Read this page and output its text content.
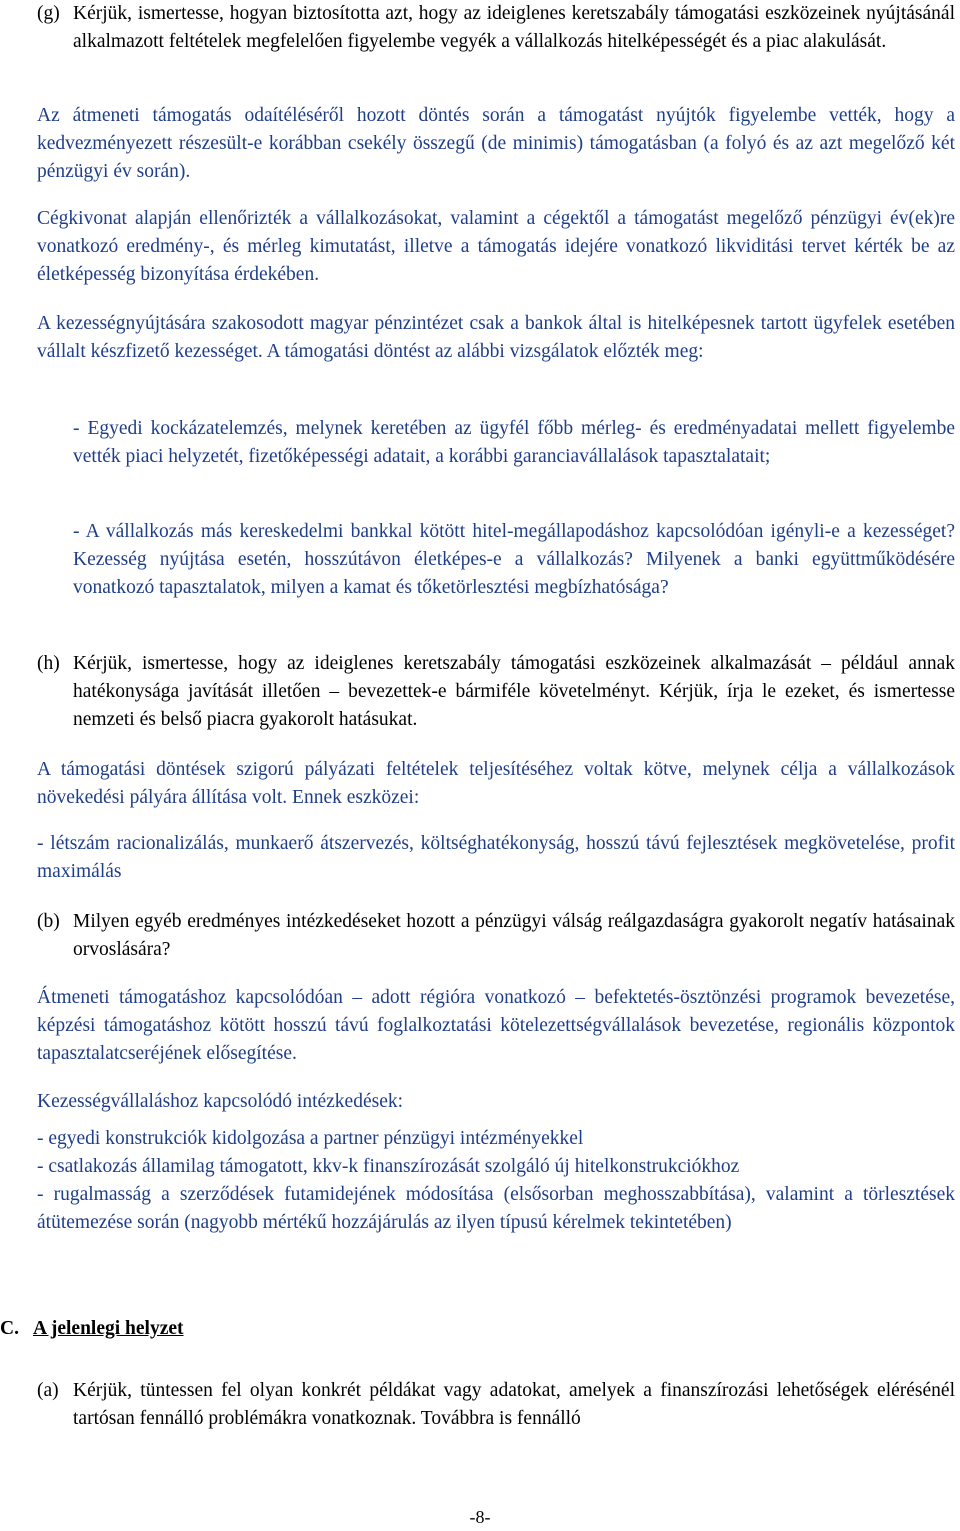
(g) Kérjük, ismertesse, hogyan biztosította azt, hogy az ideiglenes keretszabály támogatási eszközeinek nyújtásánál alkalmazott feltételek megfelelően figyelembe vegyék a vállalkozás hitelképességét és a piac alakulását.

Az átmeneti támogatás odaítéléséről hozott döntés során a támogatást nyújtók figyelembe vették, hogy a kedvezményezett részesült-e korábban csekély összegű (de minimis) támogatásban (a folyó és az azt megelőző két pénzügyi év során).

Cégkivonat alapján ellenőrizték a vállalkozásokat, valamint a cégektől a támogatást megelőző pénzügyi év(ek)re vonatkozó eredmény-, és mérleg kimutatást, illetve a támogatás idejére vonatkozó likviditási tervet kérték be az életképesség bizonyítása érdekében.

A kezességnyújtására szakosodott magyar pénzintézet csak a bankok által is hitelképesnek tartott ügyfelek esetében vállalt készfizető kezességet. A támogatási döntést az alábbi vizsgálatok előzték meg:

- Egyedi kockázatelemzés, melynek keretében az ügyfél főbb mérleg- és eredményadatai mellett figyelembe vették piaci helyzetét, fizetőképességi adatait, a korábbi garanciavállalások tapasztalatait;

- A vállalkozás más kereskedelmi bankkal kötött hitel-megállapodáshoz kapcsolódóan igényli-e a kezességet? Kezesség nyújtása esetén, hosszútávon életképes-e a vállalkozás? Milyenek a banki együttműködésére vonatkozó tapasztalatok, milyen a kamat és tőketörlesztési megbízhatósága?

(h) Kérjük, ismertesse, hogy az ideiglenes keretszabály támogatási eszközeinek alkalmazását – például annak hatékonysága javítását illetően – bevezettek-e bármiféle követelményt. Kérjük, írja le ezeket, és ismertesse nemzeti és belső piacra gyakorolt hatásukat.

A támogatási döntések szigorú pályázati feltételek teljesítéséhez voltak kötve, melynek célja a vállalkozások növekedési pályára állítása volt. Ennek eszközei:

- létszám racionalizálás, munkaerő átszervezés, költséghatékonyság, hosszú távú fejlesztések megkövetelése, profit maximálás

(b) Milyen egyéb eredményes intézkedéseket hozott a pénzügyi válság reálgazdaságra gyakorolt negatív hatásainak orvoslására?

Átmeneti támogatáshoz kapcsolódóan – adott régióra vonatkozó – befektetés-ösztönzési programok bevezetése, képzési támogatáshoz kötött hosszú távú foglalkoztatási kötelezettségvállalások bevezetése, regionális központok tapasztalatcseréjének elősegítése.

Kezességvállaláshoz kapcsolódó intézkedések:

- egyedi konstrukciók kidolgozása a partner pénzügyi intézményekkel

- csatlakozás államilag támogatott, kkv-k finanszírozását szolgáló új hitelkonstrukciókhoz

- rugalmasság a szerződések futamidejének módosítása (elsősorban meghosszabbítása), valamint a törlesztések átütemezése során (nagyobb mértékű hozzájárulás az ilyen típusú kérelmek tekintetében)

C. A jelenlegi helyzet

(a) Kérjük, tüntessen fel olyan konkrét példákat vagy adatokat, amelyek a finanszírozási lehetőségek elérésénél tartósan fennálló problémákra vonatkoznak. Továbbra is fennálló

-8-
